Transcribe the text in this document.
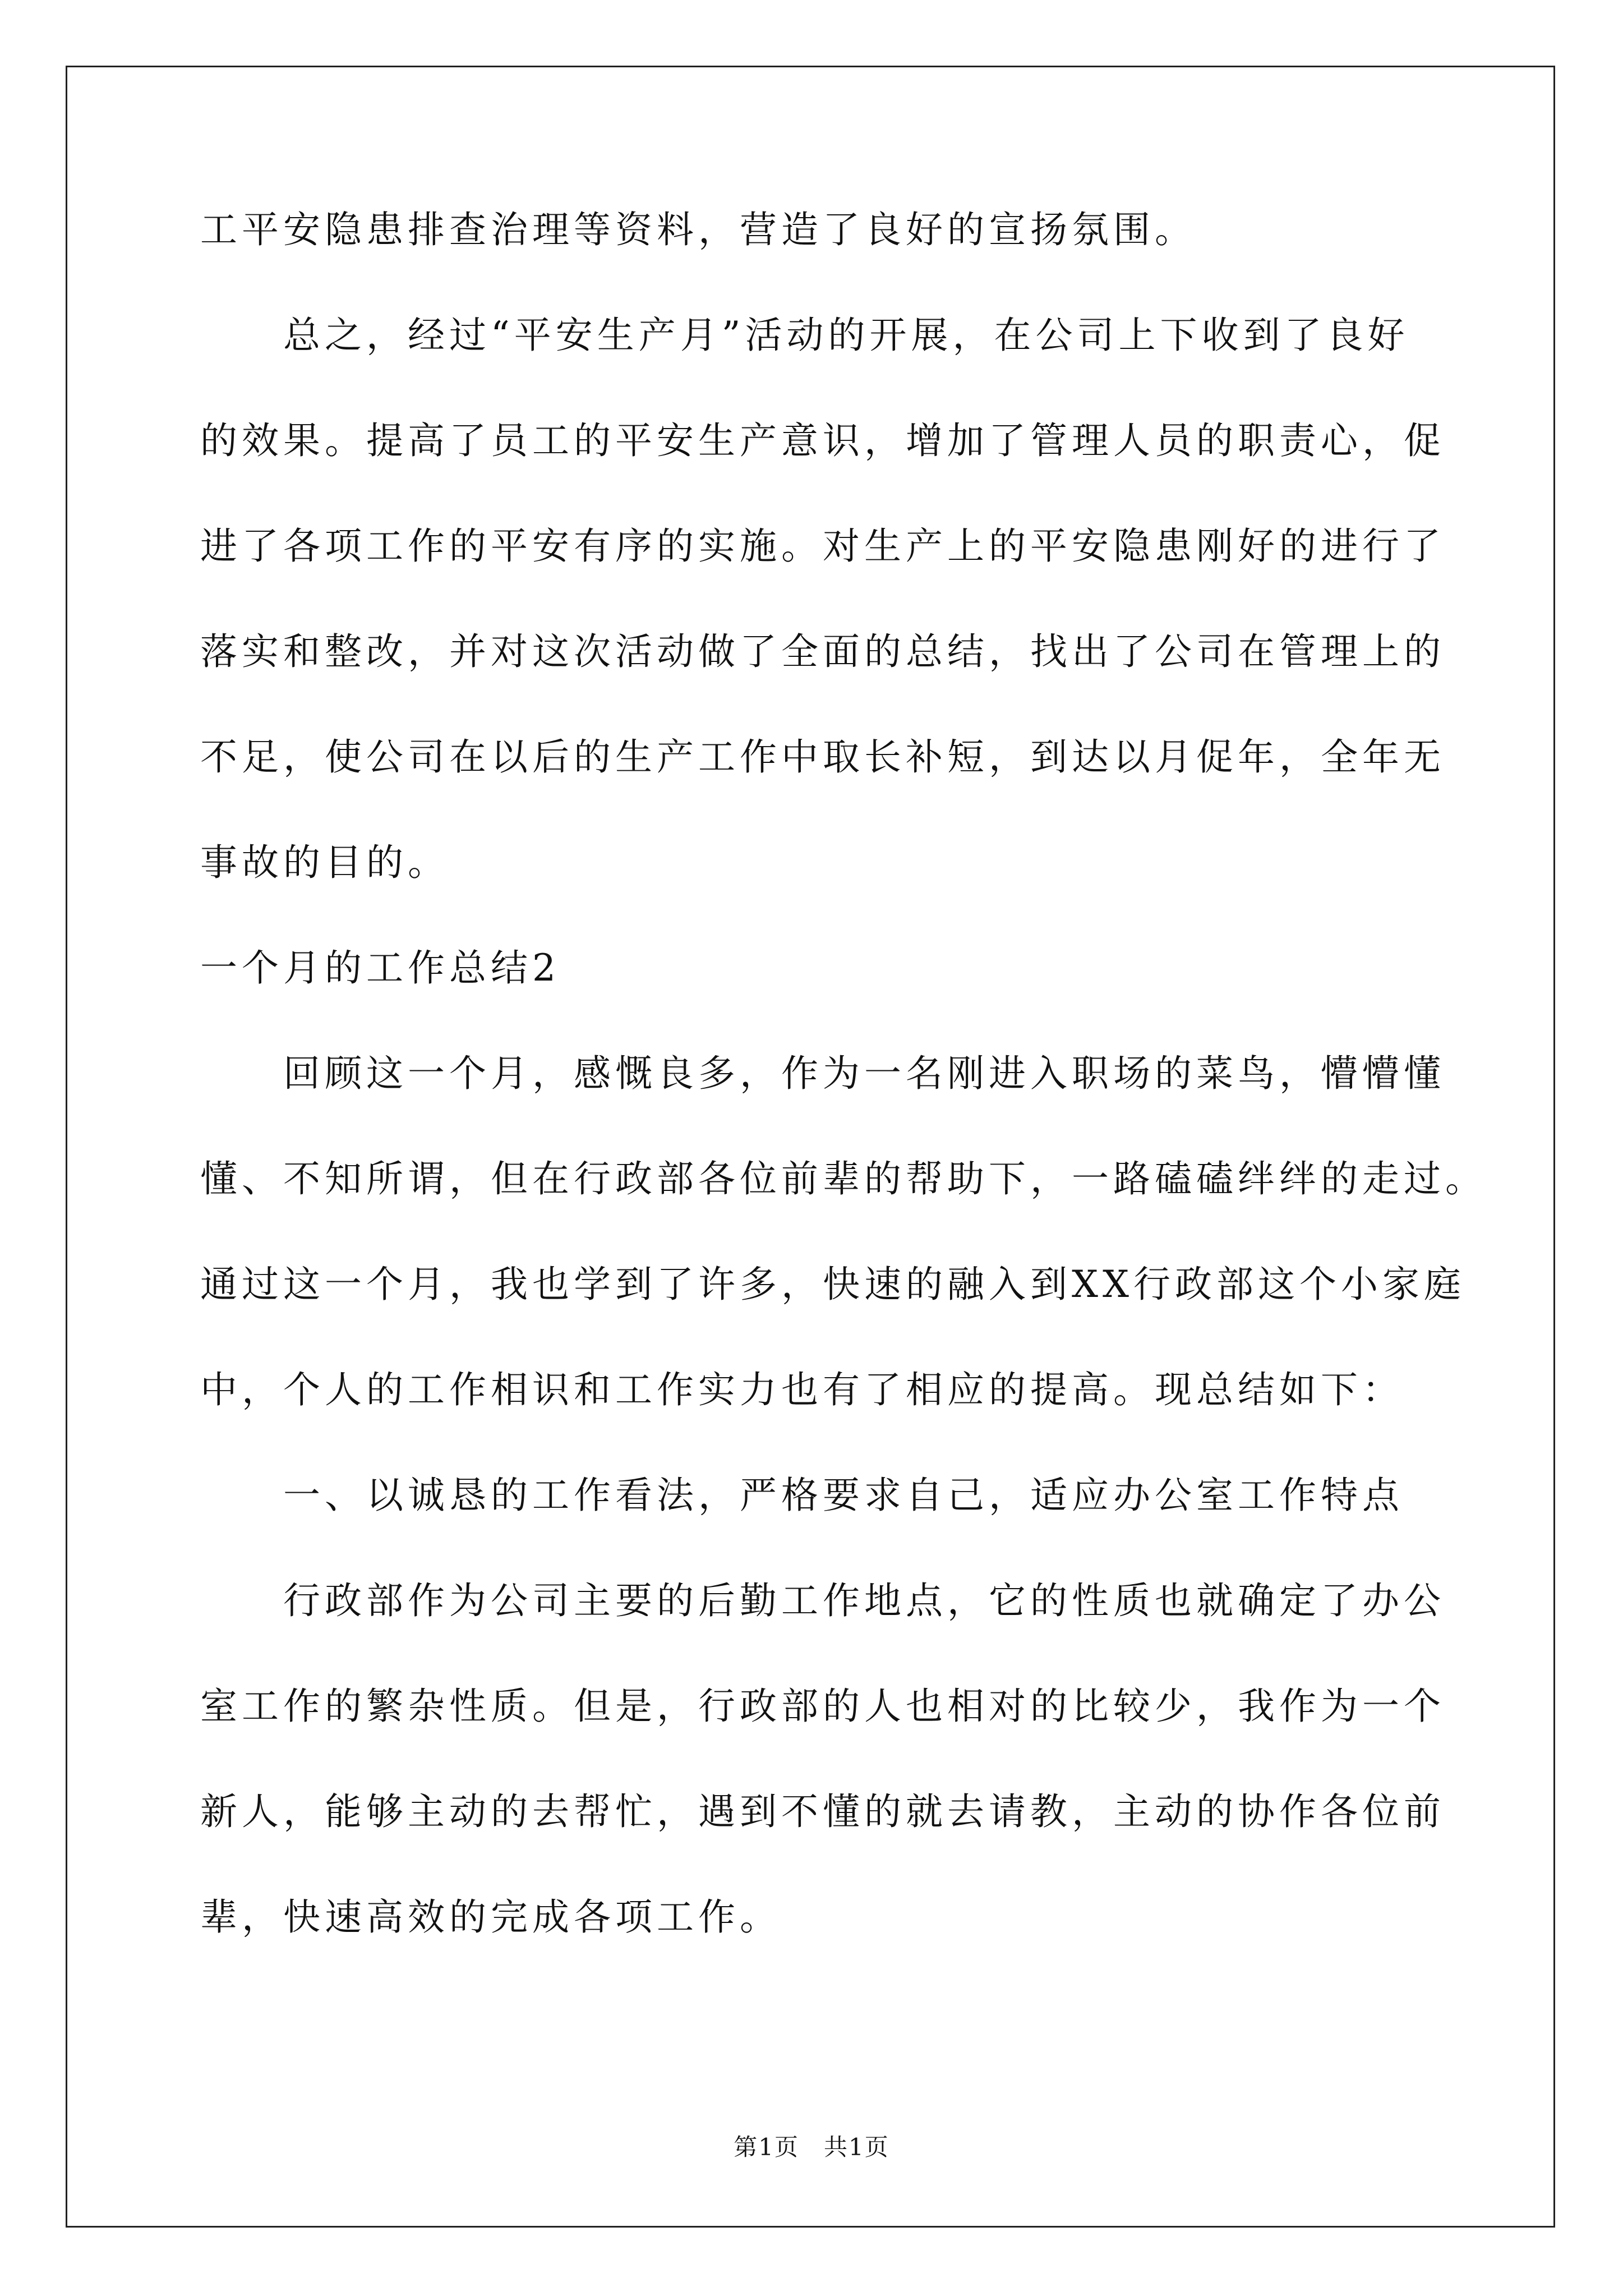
工平安隐患排查治理等资料，营造了良好的宣扬氛围。
总之，经过“平安生产月”活动的开展，在公司上下收到了良好
的效果。提高了员工的平安生产意识，增加了管理人员的职责心，促
进了各项工作的平安有序的实施。对生产上的平安隐患刚好的进行了
落实和整改，并对这次活动做了全面的总结，找出了公司在管理上的
不足，使公司在以后的生产工作中取长补短，到达以月促年，全年无
事故的目的。
一个月的工作总结2
回顾这一个月，感慨良多，作为一名刚进入职场的菜鸟，懵懵懂
懂、不知所谓，但在行政部各位前辈的帮助下，一路磕磕绊绊的走过。
通过这一个月，我也学到了许多，快速的融入到XX行政部这个小家庭
中，个人的工作相识和工作实力也有了相应的提高。现总结如下：
一、以诚恳的工作看法，严格要求自己，适应办公室工作特点
行政部作为公司主要的后勤工作地点，它的性质也就确定了办公
室工作的繁杂性质。但是，行政部的人也相对的比较少，我作为一个
新人，能够主动的去帮忙，遇到不懂的就去请教，主动的协作各位前
辈，快速高效的完成各项工作。
第1页　共1页
